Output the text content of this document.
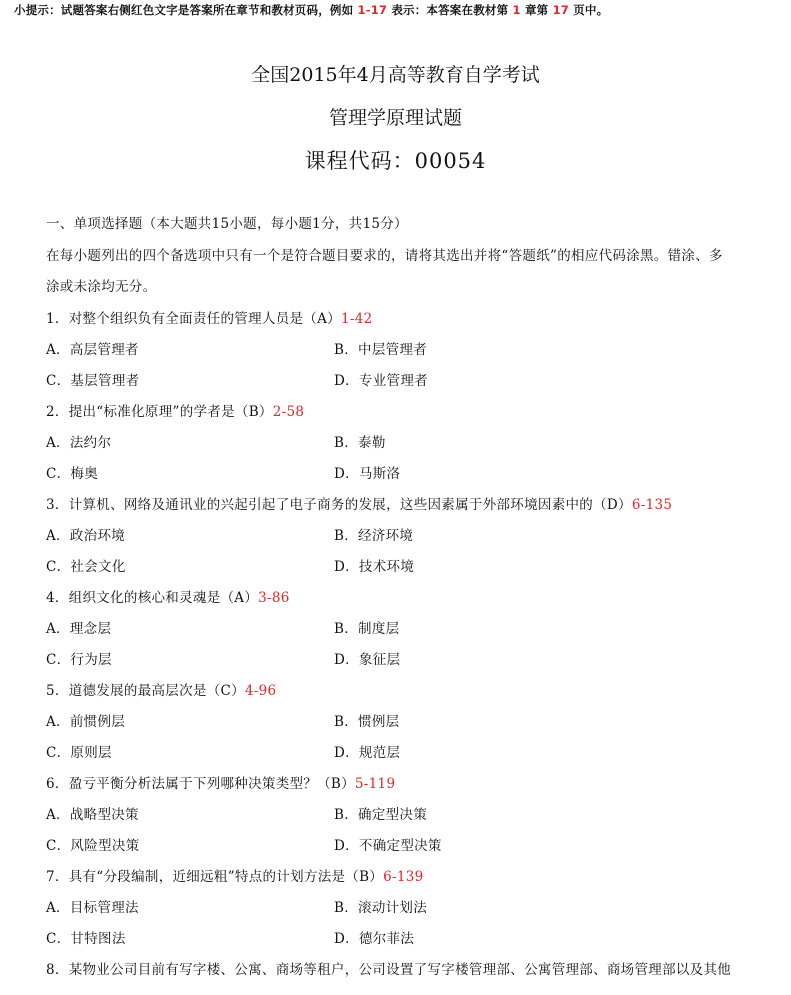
小提示：试题答案右侧红色文字是答案所在章节和教材页码，例如 1-17 表示：本答案在教材第 1 章第 17 页中。
全国2015年4月高等教育自学考试
管理学原理试题
课程代码：00054
一、单项选择题（本大题共15小题，每小题1分，共15分）
在每小题列出的四个备选项中只有一个是符合题目要求的，请将其选出并将“答题纸”的相应代码涂黑。错涂、多
涂或未涂均无分。
1．对整个组织负有全面责任的管理人员是（A）1-42
A．高层管理者	B．中层管理者
C．基层管理者	D．专业管理者
2．提出“标准化原理”的学者是（B）2-58
A．法约尔	B．泰勒
C．梅奥	D．马斯洛
3．计算机、网络及通讯业的兴起引起了电子商务的发展，这些因素属于外部环境因素中的（D）6-135
A．政治环境	B．经济环境
C．社会文化	D．技术环境
4．组织文化的核心和灵魂是（A）3-86
A．理念层	B．制度层
C．行为层	D．象征层
5．道德发展的最高层次是（C）4-96
A．前惯例层	B．惯例层
C．原则层	D．规范层
6．盈亏平衡分析法属于下列哪种决策类型？（B）5-119
A．战略型决策	B．确定型决策
C．风险型决策	D．不确定型决策
7．具有“分段编制，近细远粗”特点的计划方法是（B）6-139
A．目标管理法	B．滚动计划法
C．甘特图法	D．德尔菲法
8．某物业公司目前有写字楼、公寓、商场等租户，公司设置了写字楼管理部、公寓管理部、商场管理部以及其他
